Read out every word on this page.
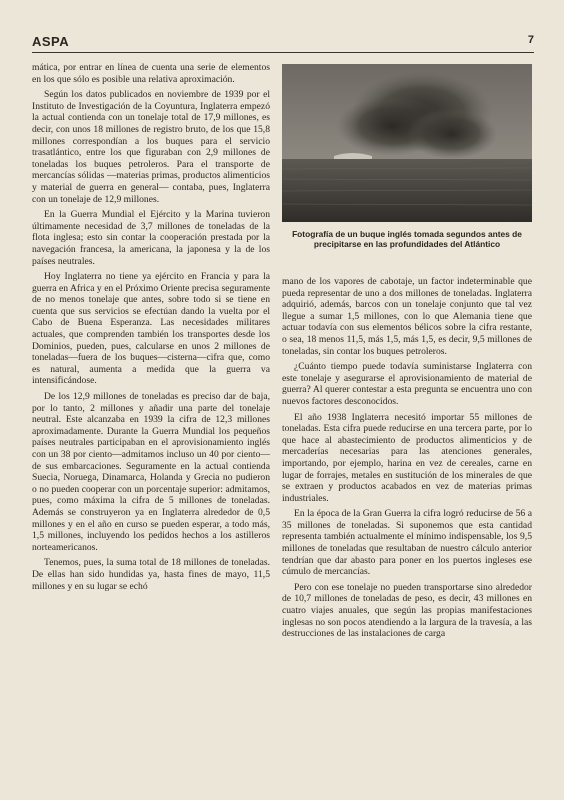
ASPA	7

mática, por entrar en línea de cuenta una serie de elementos en los que sólo es posible una relativa aproximación.

Según los datos publicados en noviembre de 1939 por el Instituto de Investigación de la Coyuntura, Inglaterra empezó la actual contienda con un tonelaje total de 17,9 millones, es decir, con unos 18 millones de registro bruto, de los que 15,8 millones correspondían a los buques para el servicio trasatlántico, entre los que figuraban con 2,9 millones de toneladas los buques petroleros. Para el transporte de mercancías sólidas —materias primas, productos alimenticios y material de guerra en general— contaba, pues, Inglaterra con un tonelaje de 12,9 millones.

En la Guerra Mundial el Ejército y la Marina tuvieron últimamente necesidad de 3,7 millones de toneladas de la flota inglesa; esto sin contar la cooperación prestada por la navegación francesa, la americana, la japonesa y la de los países neutrales.

Hoy Inglaterra no tiene ya ejército en Francia y para la guerra en Africa y en el Próximo Oriente precisa seguramente de no menos tonelaje que antes, sobre todo si se tiene en cuenta que sus servicios se efectúan dando la vuelta por el Cabo de Buena Esperanza. Las necesidades militares actuales, que comprenden también los transportes desde los Dominios, pueden, pues, calcularse en unos 2 millones de toneladas—fuera de los buques—cisterna—cifra que, como es natural, aumenta a medida que la guerra va intensificándose.

De los 12,9 millones de toneladas es preciso dar de baja, por lo tanto, 2 millones y añadir una parte del tonelaje neutral. Este alcanzaba en 1939 la cifra de 12,3 millones aproximadamente. Durante la Guerra Mundial los pequeños países neutrales participaban en el aprovisionamiento inglés con un 38 por ciento—admitamos incluso un 40 por ciento—de sus embarcaciones. Seguramente en la actual contienda Suecia, Noruega, Dinamarca, Holanda y Grecia no pudieron o no pueden cooperar con un porcentaje superior: admitamos, pues, como máxima la cifra de 5 millones de toneladas. Además se construyeron ya en Inglaterra alrededor de 0,5 millones y en el año en curso se pueden esperar, a todo más, 1,5 millones, incluyendo los pedidos hechos a los astilleros norteamericanos.

Tenemos, pues, la suma total de 18 millones de toneladas. De ellas han sido hundidas ya, hasta fines de mayo, 11,5 millones y en su lugar se echó

Fotografía de un buque inglés tomada segundos antes de precipitarse en las profundidades del Atlántico

mano de los vapores de cabotaje, un factor indeterminable que pueda representar de uno a dos millones de toneladas. Inglaterra adquirió, además, barcos con un tonelaje conjunto que tal vez llegue a sumar 1,5 millones, con lo que Alemania tiene que actuar todavía con sus elementos bélicos sobre la cifra restante, o sea, 18 menos 11,5, más 1,5, más 1,5, es decir, 9,5 millones de toneladas, sin contar los buques petroleros.

¿Cuánto tiempo puede todavía suministarse Inglaterra con este tonelaje y asegurarse el aprovisionamiento de material de guerra? Al querer contestar a esta pregunta se encuentra uno con nuevos factores desconocidos.

El año 1938 Inglaterra necesitó importar 55 millones de toneladas. Esta cifra puede reducirse en una tercera parte, por lo que hace al abastecimiento de productos alimenticios y de mercaderías necesarias para las atenciones generales, importando, por ejemplo, harina en vez de cereales, carne en lugar de forrajes, metales en sustitución de los minerales de que se extraen y productos acabados en vez de materias primas industriales.

En la época de la Gran Guerra la cifra logró reducirse de 56 a 35 millones de toneladas. Si suponemos que esta cantidad representa también actualmente el mínimo indispensable, los 9,5 millones de toneladas que resultaban de nuestro cálculo anterior tendrían que dar abasto para poner en los puertos ingleses ese cúmulo de mercancías.

Pero con ese tonelaje no pueden transportarse sino alrededor de 10,7 millones de toneladas de peso, es decir, 43 millones en cuatro viajes anuales, que según las propias manifestaciones inglesas no son pocos atendiendo a la largura de la travesía, a las destrucciones de las instalaciones de carga
